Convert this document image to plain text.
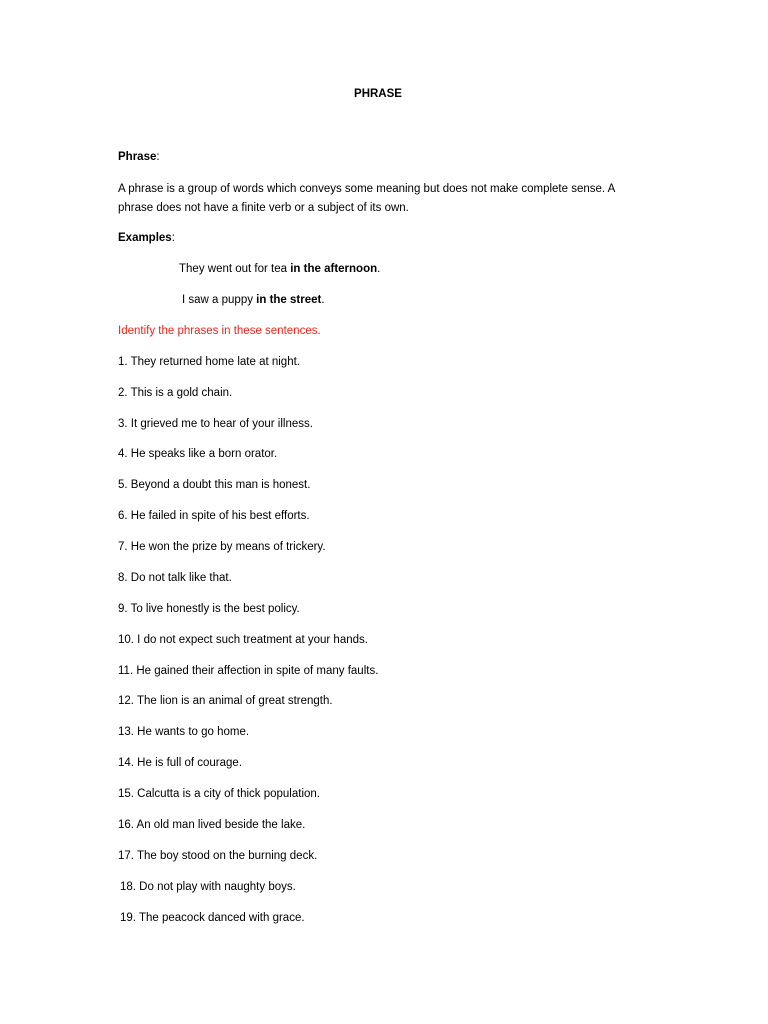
PHRASE
Phrase:
A phrase is a group of words which conveys some meaning but does not make complete sense. A phrase does not have a finite verb or a subject of its own.
Examples:
They went out for tea in the afternoon.
I saw a puppy in the street.
Identify the phrases in these sentences.
1. They returned home late at night.
2. This is a gold chain.
3. It grieved me to hear of your illness.
4. He speaks like a born orator.
5. Beyond a doubt this man is honest.
6. He failed in spite of his best efforts.
7. He won the prize by means of trickery.
8. Do not talk like that.
9. To live honestly is the best policy.
10. I do not expect such treatment at your hands.
11. He gained their affection in spite of many faults.
12. The lion is an animal of great strength.
13. He wants to go home.
14. He is full of courage.
15. Calcutta is a city of thick population.
16. An old man lived beside the lake.
17. The boy stood on the burning deck.
18. Do not play with naughty boys.
19. The peacock danced with grace.
